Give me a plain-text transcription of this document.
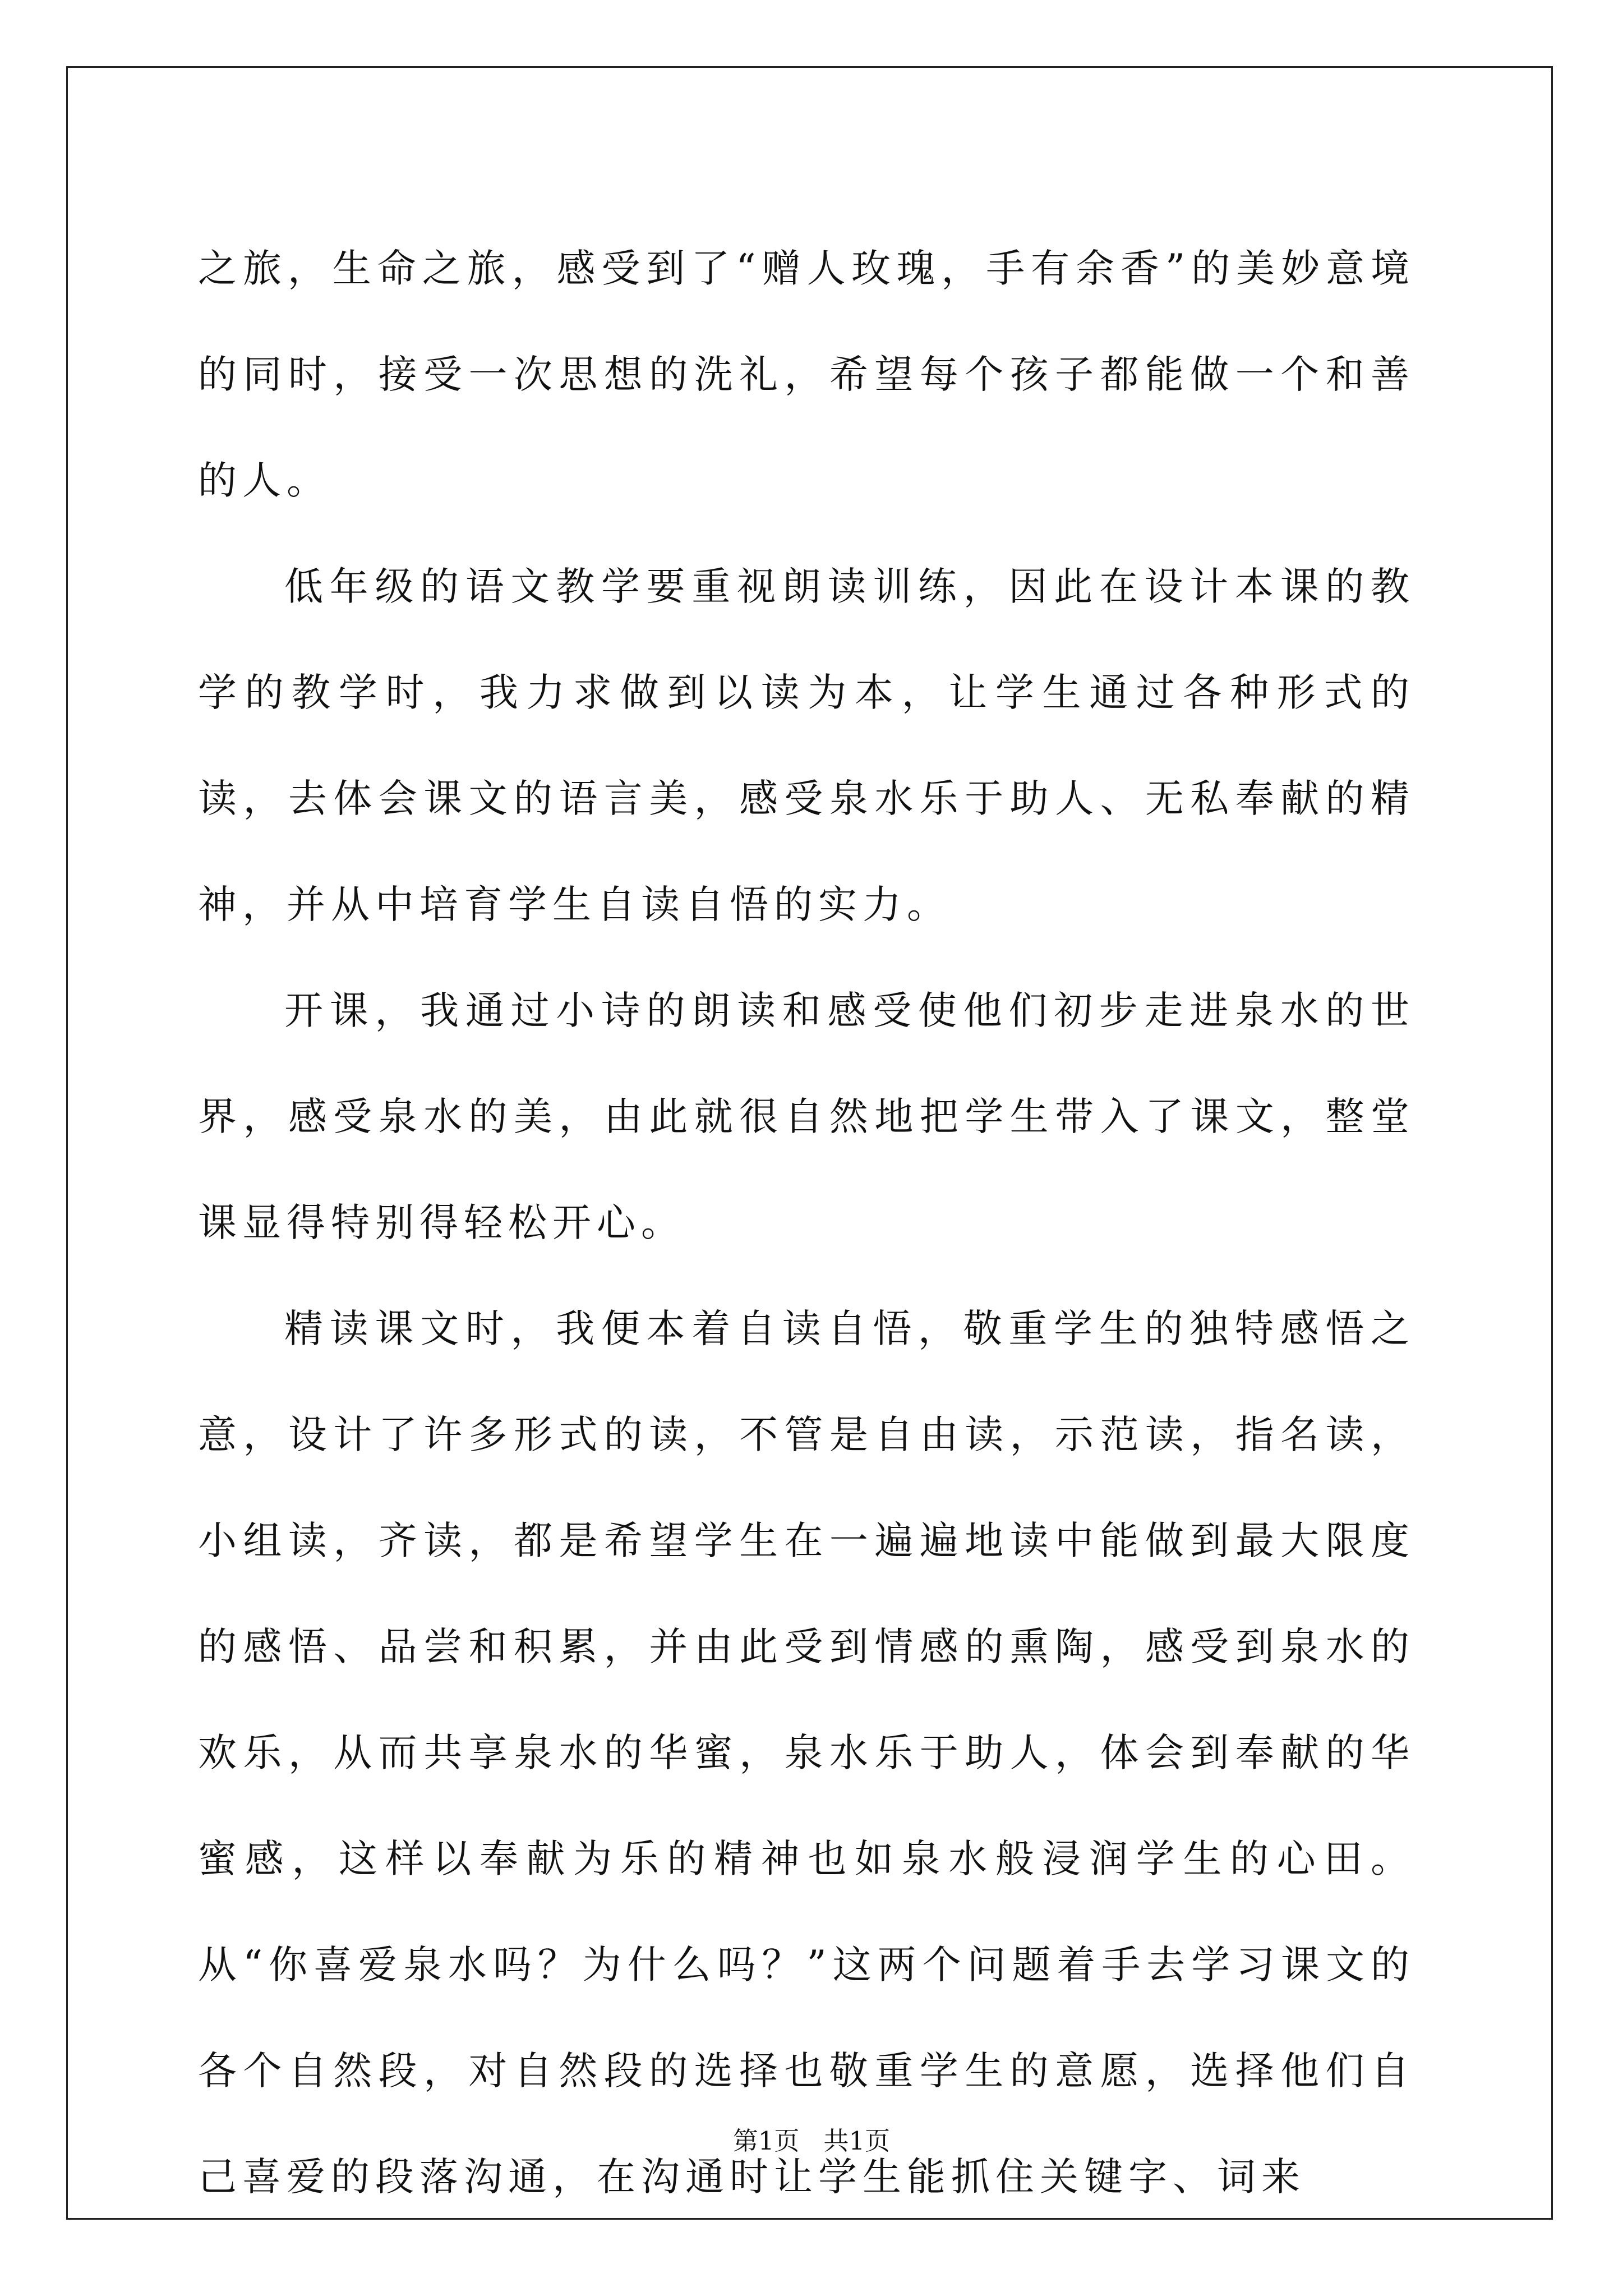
之旅，生命之旅，感受到了“赠人玫瑰，手有余香”的美妙意境的同时，接受一次思想的洗礼，希望每个孩子都能做一个和善的人。

低年级的语文教学要重视朗读训练，因此在设计本课的教学的教学时，我力求做到以读为本，让学生通过各种形式的读，去体会课文的语言美，感受泉水乐于助人、无私奉献的精神，并从中培育学生自读自悟的实力。

开课，我通过小诗的朗读和感受使他们初步走进泉水的世界，感受泉水的美，由此就很自然地把学生带入了课文，整堂课显得特别得轻松开心。

精读课文时，我便本着自读自悟，敬重学生的独特感悟之意，设计了许多形式的读，不管是自由读，示范读，指名读，小组读，齐读，都是希望学生在一遍遍地读中能做到最大限度的感悟、品尝和积累，并由此受到情感的熏陶，感受到泉水的欢乐，从而共享泉水的华蜜，泉水乐于助人，体会到奉献的华蜜感，这样以奉献为乐的精神也如泉水般浸润学生的心田。从“你喜爱泉水吗？为什么吗？”这两个问题着手去学习课文的各个自然段，对自然段的选择也敬重学生的意愿，选择他们自己喜爱的段落沟通，在沟通时让学生能抓住关键字、词来

第1页 共1页
